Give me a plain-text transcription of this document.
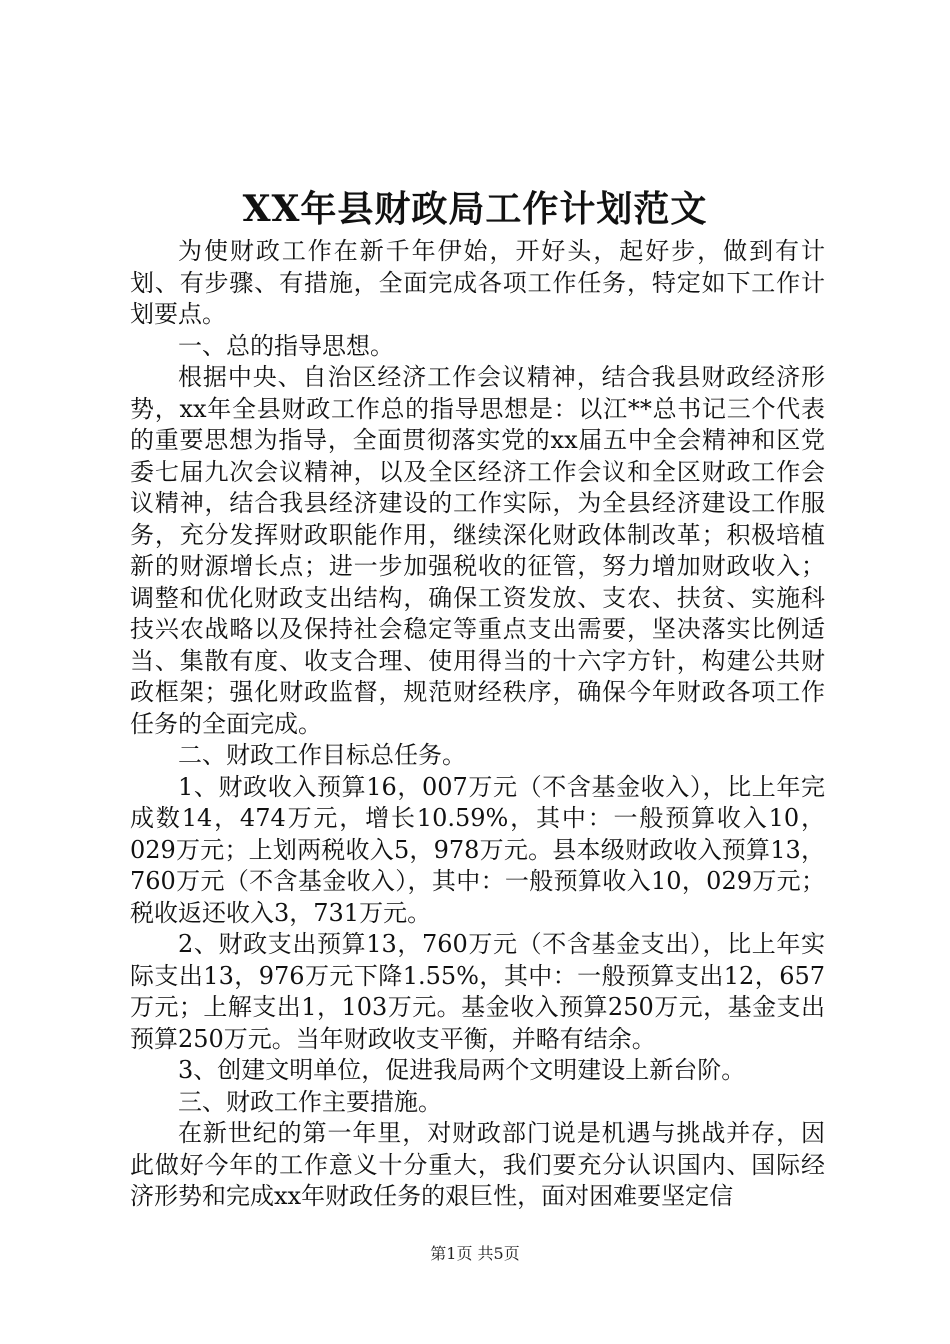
XX年县财政局工作计划范文

为使财政工作在新千年伊始，开好头，起好步，做到有计划、有步骤、有措施，全面完成各项工作任务，特定如下工作计划要点。

一、总的指导思想。

根据中央、自治区经济工作会议精神，结合我县财政经济形势，xx年全县财政工作总的指导思想是：以江**总书记三个代表的重要思想为指导，全面贯彻落实党的xx届五中全会精神和区党委七届九次会议精神，以及全区经济工作会议和全区财政工作会议精神，结合我县经济建设的工作实际，为全县经济建设工作服务，充分发挥财政职能作用，继续深化财政体制改革；积极培植新的财源增长点；进一步加强税收的征管，努力增加财政收入；调整和优化财政支出结构，确保工资发放、支农、扶贫、实施科技兴农战略以及保持社会稳定等重点支出需要，坚决落实比例适当、集散有度、收支合理、使用得当的十六字方针，构建公共财政框架；强化财政监督，规范财经秩序，确保今年财政各项工作任务的全面完成。

二、财政工作目标总任务。

1、财政收入预算16，007万元（不含基金收入），比上年完成数14，474万元，增长10.59%，其中：一般预算收入10，029万元；上划两税收入5，978万元。县本级财政收入预算13，760万元（不含基金收入），其中：一般预算收入10，029万元；税收返还收入3，731万元。

2、财政支出预算13，760万元（不含基金支出），比上年实际支出13，976万元下降1.55%，其中：一般预算支出12，657万元；上解支出1，103万元。基金收入预算250万元，基金支出预算250万元。当年财政收支平衡，并略有结余。

3、创建文明单位，促进我局两个文明建设上新台阶。

三、财政工作主要措施。

在新世纪的第一年里，对财政部门说是机遇与挑战并存，因此做好今年的工作意义十分重大，我们要充分认识国内、国际经济形势和完成xx年财政任务的艰巨性，面对困难要坚定信

第1页 共5页
